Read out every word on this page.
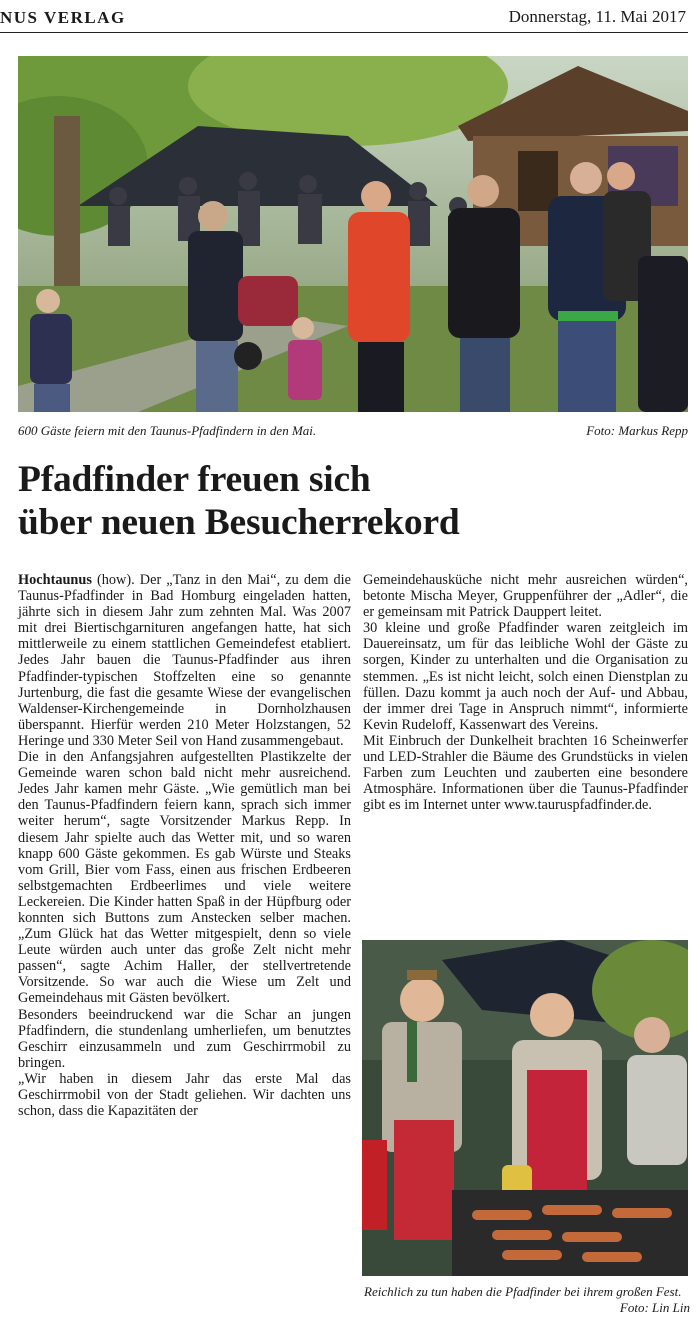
NUS VERLAG	Donnerstag, 11. Mai 2017
600 Gäste feiern mit den Taunus-Pfadfindern in den Mai.	Foto: Markus Repp
Pfadfinder freuen sich
über neuen Besucherrekord

Hochtaunus (how). Der „Tanz in den Mai“, zu dem die Taunus-Pfadfinder in Bad Homburg eingeladen hatten, jährte sich in diesem Jahr zum zehnten Mal. Was 2007 mit drei Biertischgarnituren angefangen hatte, hat sich mittlerweile zu einem stattlichen Gemeindefest etabliert. Jedes Jahr bauen die Taunus-Pfadfinder aus ihren Pfadfinder-typischen Stoffzelten eine so genannte Jurtenburg, die fast die gesamte Wiese der evangelischen Waldenser-Kirchengemeinde in Dornholzhausen überspannt. Hierfür werden 210 Meter Holzstangen, 52 Heringe und 330 Meter Seil von Hand zusammengebaut.

Die in den Anfangsjahren aufgestellten Plastikzelte der Gemeinde waren schon bald nicht mehr ausreichend. Jedes Jahr kamen mehr Gäste. „Wie gemütlich man bei den Taunus-Pfadfindern feiern kann, sprach sich immer weiter herum“, sagte Vorsitzender Markus Repp. In diesem Jahr spielte auch das Wetter mit, und so waren knapp 600 Gäste gekommen. Es gab Würste und Steaks vom Grill, Bier vom Fass, einen aus frischen Erdbeeren selbstgemachten Erdbeerlimes und viele weitere Leckereien. Die Kinder hatten Spaß in der Hüpfburg oder konnten sich Buttons zum Anstecken selber machen. „Zum Glück hat das Wetter mitgespielt, denn so viele Leute würden auch unter das große Zelt nicht mehr passen“, sagte Achim Haller, der stellvertretende Vorsitzende. So war auch die Wiese um Zelt und Gemeindehaus mit Gästen bevölkert.

Besonders beeindruckend war die Schar an jungen Pfadfindern, die stundenlang umherliefen, um benutztes Geschirr einzusammeln und zum Geschirrmobil zu bringen.

„Wir haben in diesem Jahr das erste Mal das Geschirrmobil von der Stadt geliehen. Wir dachten uns schon, dass die Kapazitäten der

Gemeindehausküche nicht mehr ausreichen würden“, betonte Mischa Meyer, Gruppenführer der „Adler“, die er gemeinsam mit Patrick Dauppert leitet.

30 kleine und große Pfadfinder waren zeitgleich im Dauereinsatz, um für das leibliche Wohl der Gäste zu sorgen, Kinder zu unterhalten und die Organisation zu stemmen. „Es ist nicht leicht, solch einen Dienstplan zu füllen. Dazu kommt ja auch noch der Auf- und Abbau, der immer drei Tage in Anspruch nimmt“, informierte Kevin Rudeloff, Kassenwart des Vereins.

Mit Einbruch der Dunkelheit brachten 16 Scheinwerfer und LED-Strahler die Bäume des Grundstücks in vielen Farben zum Leuchten und zauberten eine besondere Atmosphäre. Informationen über die Taunus-Pfadfinder gibt es im Internet unter www.tauruspfadfinder.de.

Reichlich zu tun haben die Pfadfinder bei ihrem großen Fest.
Foto: Lin Lin
